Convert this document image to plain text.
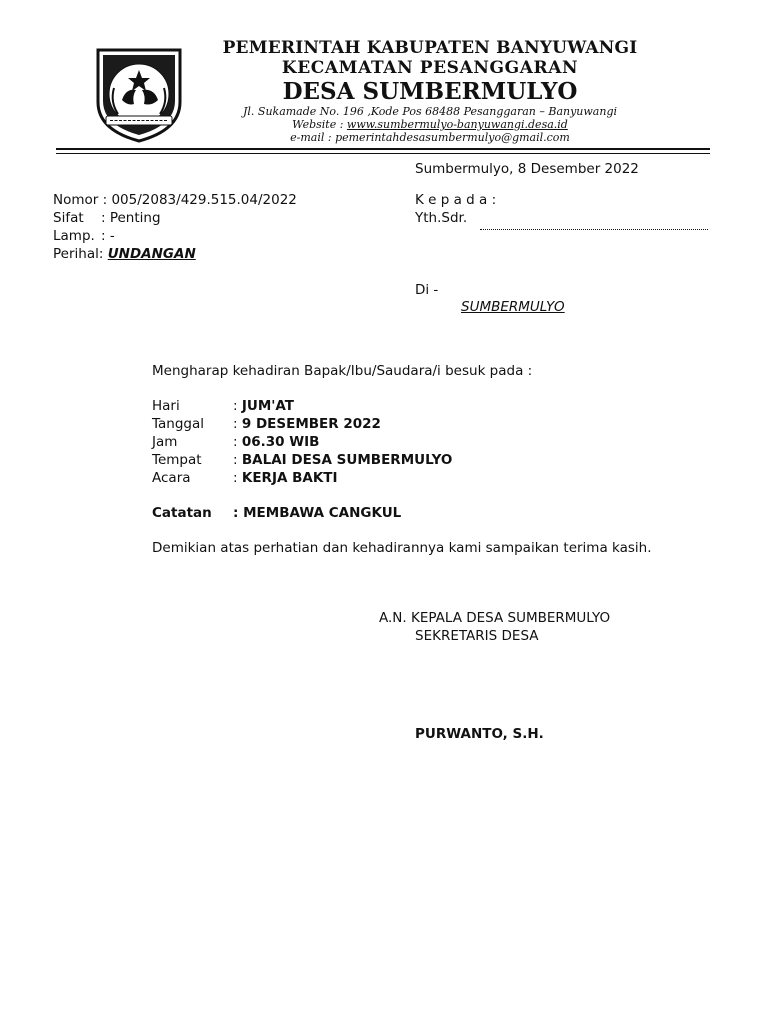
PEMERINTAH KABUPATEN BANYUWANGI
KECAMATAN PESANGGARAN
DESA SUMBERMULYO
Jl. Sukamade No. 196 ,Kode Pos 68488 Pesanggaran – Banyuwangi
Website : www.sumbermulyo-banyuwangi.desa.id
e-mail : pemerintahdesasumbermulyo@gmail.com
Sumbermulyo, 8 Desember 2022
Nomor : 005/2083/429.515.04/2022
Sifat : Penting
Lamp. : -
Perihal: UNDANGAN
K e p a d a :
Yth.Sdr.
Di -
SUMBERMULYO
Mengharap kehadiran Bapak/Ibu/Saudara/i besuk pada :
Hari	: JUM'AT
Tanggal : 9 DESEMBER 2022
Jam	: 06.30 WIB
Tempat : BALAI DESA SUMBERMULYO
Acara	: KERJA BAKTI
Catatan : MEMBAWA CANGKUL
Demikian atas perhatian dan kehadirannya kami sampaikan terima kasih.
A.N. KEPALA DESA SUMBERMULYO
SEKRETARIS DESA
PURWANTO, S.H.
